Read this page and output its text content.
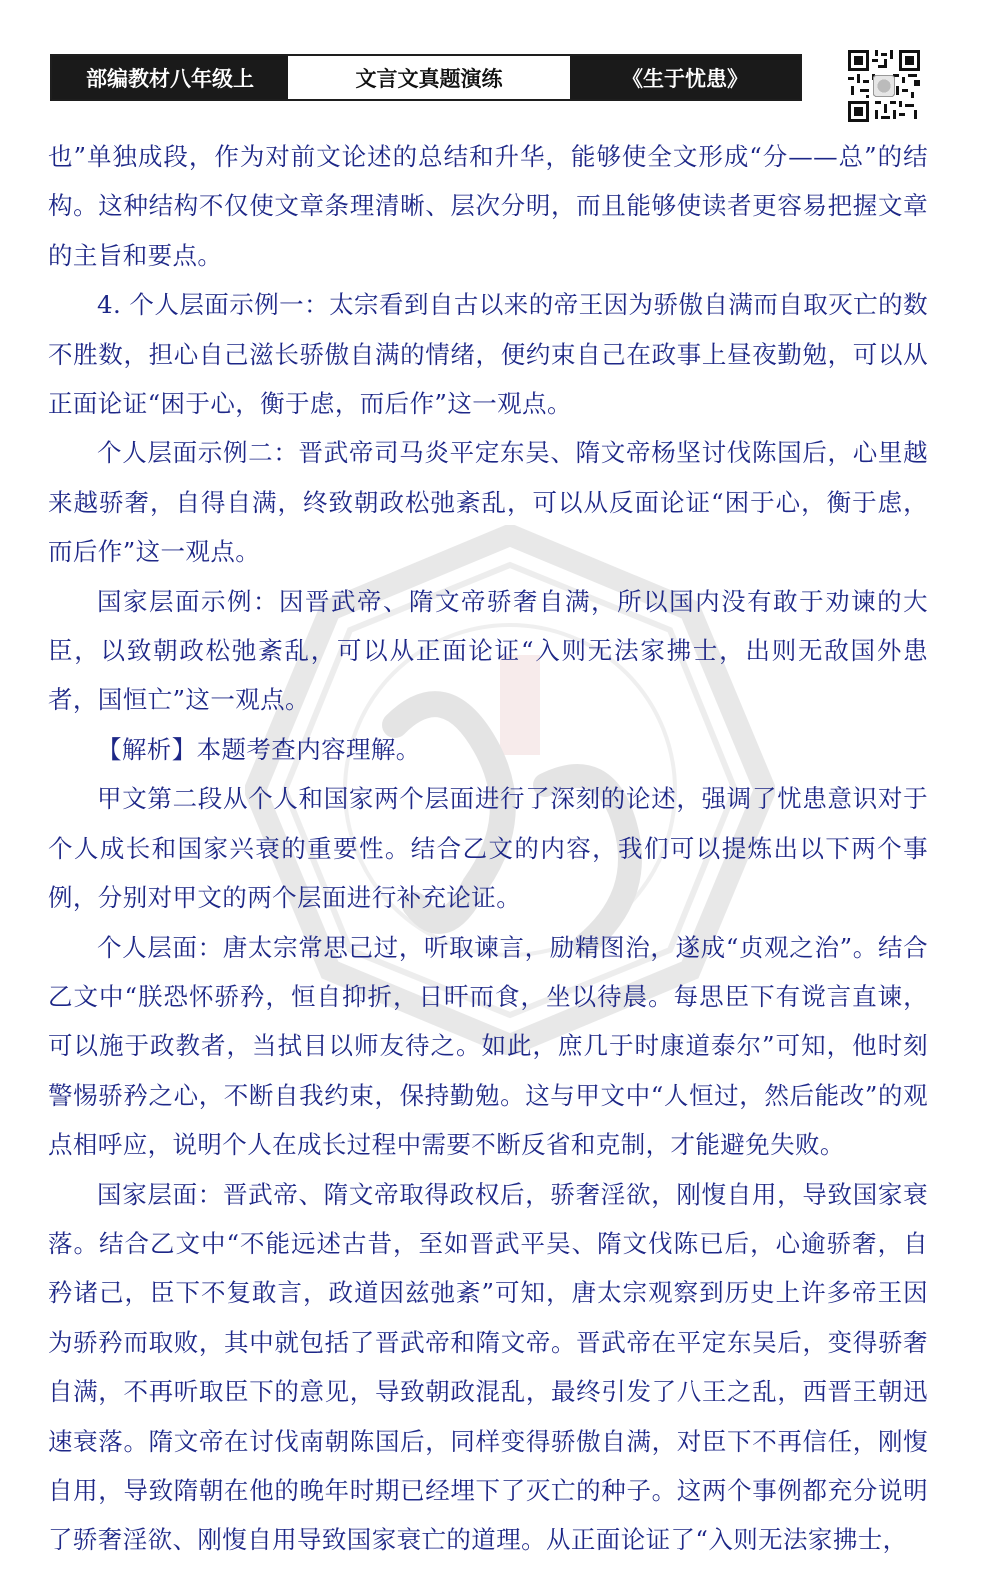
部编教材八年级上	文言文真题演练	《生于忧患》

也”单独成段，作为对前文论述的总结和升华，能够使全文形成“分——总”的结构。这种结构不仅使文章条理清晰、层次分明，而且能够使读者更容易把握文章的主旨和要点。

4. 个人层面示例一：太宗看到自古以来的帝王因为骄傲自满而自取灭亡的数不胜数，担心自己滋长骄傲自满的情绪，便约束自己在政事上昼夜勤勉，可以从正面论证“困于心，衡于虑，而后作”这一观点。

个人层面示例二：晋武帝司马炎平定东吴、隋文帝杨坚讨伐陈国后，心里越来越骄奢，自得自满，终致朝政松弛紊乱，可以从反面论证“困于心，衡于虑，而后作”这一观点。

国家层面示例：因晋武帝、隋文帝骄奢自满，所以国内没有敢于劝谏的大臣，以致朝政松弛紊乱，可以从正面论证“入则无法家拂士，出则无敌国外患者，国恒亡”这一观点。

【解析】本题考查内容理解。

甲文第二段从个人和国家两个层面进行了深刻的论述，强调了忧患意识对于个人成长和国家兴衰的重要性。结合乙文的内容，我们可以提炼出以下两个事例，分别对甲文的两个层面进行补充论证。

个人层面：唐太宗常思己过，听取谏言，励精图治，遂成“贞观之治”。结合乙文中“朕恐怀骄矜，恒自抑折，日旰而食，坐以待晨。每思臣下有谠言直谏，可以施于政教者，当拭目以师友待之。如此，庶几于时康道泰尔”可知，他时刻警惕骄矜之心，不断自我约束，保持勤勉。这与甲文中“人恒过，然后能改”的观点相呼应，说明个人在成长过程中需要不断反省和克制，才能避免失败。

国家层面：晋武帝、隋文帝取得政权后，骄奢淫欲，刚愎自用，导致国家衰落。结合乙文中“不能远述古昔，至如晋武平吴、隋文伐陈已后，心逾骄奢，自矜诸己，臣下不复敢言，政道因兹弛紊”可知，唐太宗观察到历史上许多帝王因为骄矜而取败，其中就包括了晋武帝和隋文帝。晋武帝在平定东吴后，变得骄奢自满，不再听取臣下的意见，导致朝政混乱，最终引发了八王之乱，西晋王朝迅速衰落。隋文帝在讨伐南朝陈国后，同样变得骄傲自满，对臣下不再信任，刚愎自用，导致隋朝在他的晚年时期已经埋下了灭亡的种子。这两个事例都充分说明了骄奢淫欲、刚愎自用导致国家衰亡的道理。从正面论证了“入则无法家拂士，
